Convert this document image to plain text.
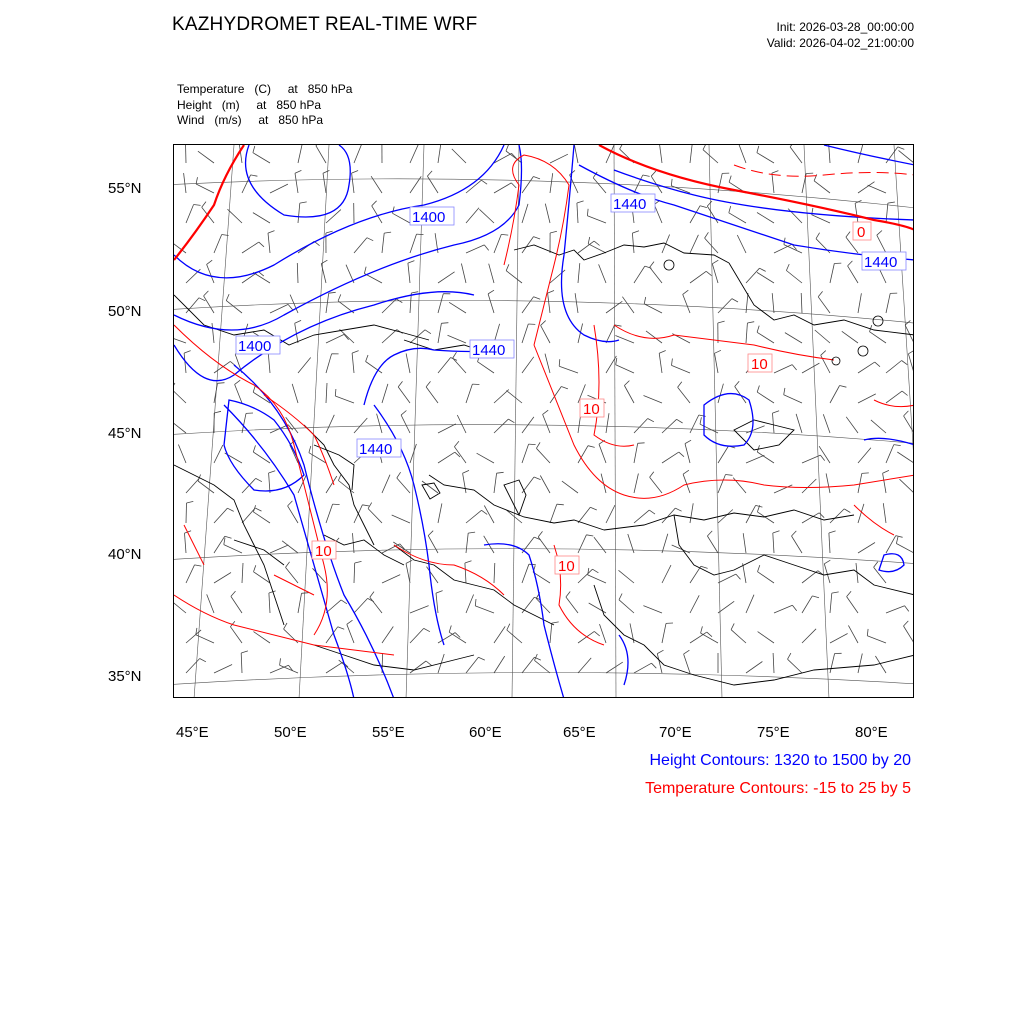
KAZHYDROMET REAL-TIME WRF	Init: 2026-03-28_00:00:00
Valid: 2026-04-02_21:00:00
Temperature   (C)     at   850 hPa
Height   (m)     at   850 hPa
Wind   (m/s)     at   850 hPa
1400
1440
1400	1440
1440
1440
0
10
10
10
10
55°N
50°N
45°N
40°N
35°N
45°E	50°E	55°E	60°E	65°E	70°E	75°E	80°E
Height Contours: 1320 to 1500 by 20
Temperature Contours: -15 to 25 by 5
